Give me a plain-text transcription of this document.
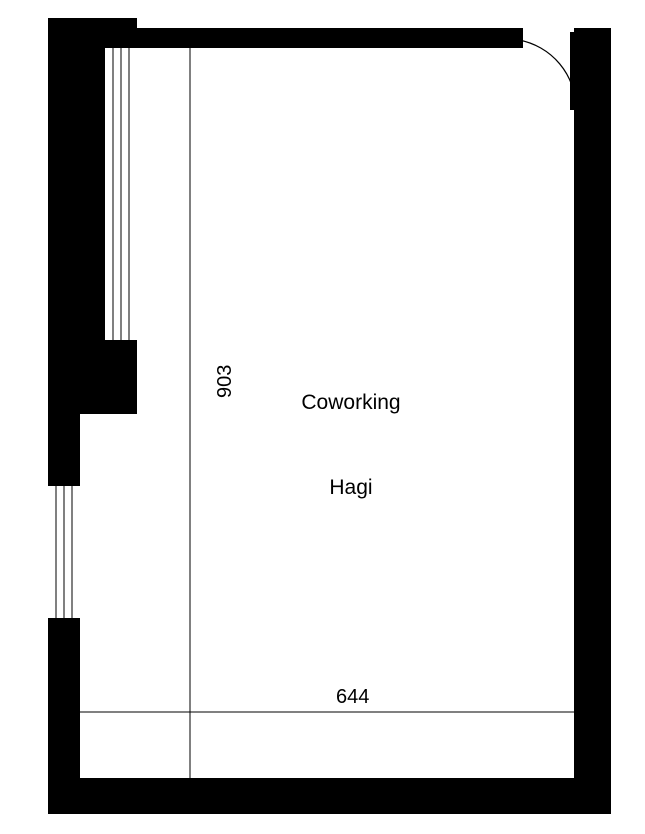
Coworking

Hagi

903
644
